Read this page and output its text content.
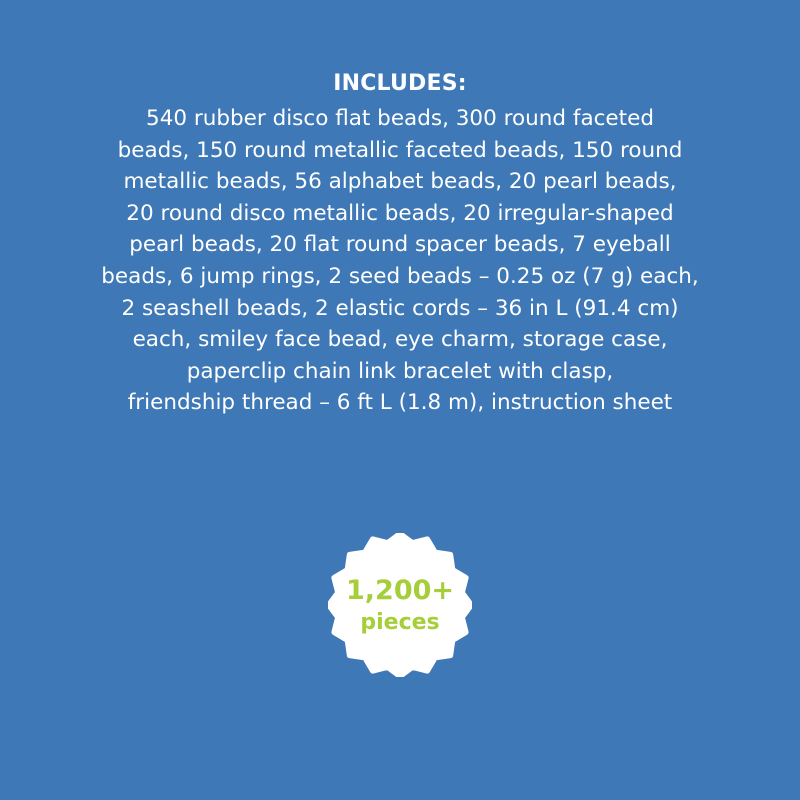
INCLUDES:
540 rubber disco flat beads, 300 round faceted
beads, 150 round metallic faceted beads, 150 round
metallic beads, 56 alphabet beads, 20 pearl beads,
20 round disco metallic beads, 20 irregular-shaped
pearl beads, 20 flat round spacer beads, 7 eyeball
beads, 6 jump rings, 2 seed beads – 0.25 oz (7 g) each,
2 seashell beads, 2 elastic cords – 36 in L (91.4 cm)
each, smiley face bead, eye charm, storage case,
paperclip chain link bracelet with clasp,
friendship thread – 6 ft L (1.8 m), instruction sheet
1,200+
pieces
